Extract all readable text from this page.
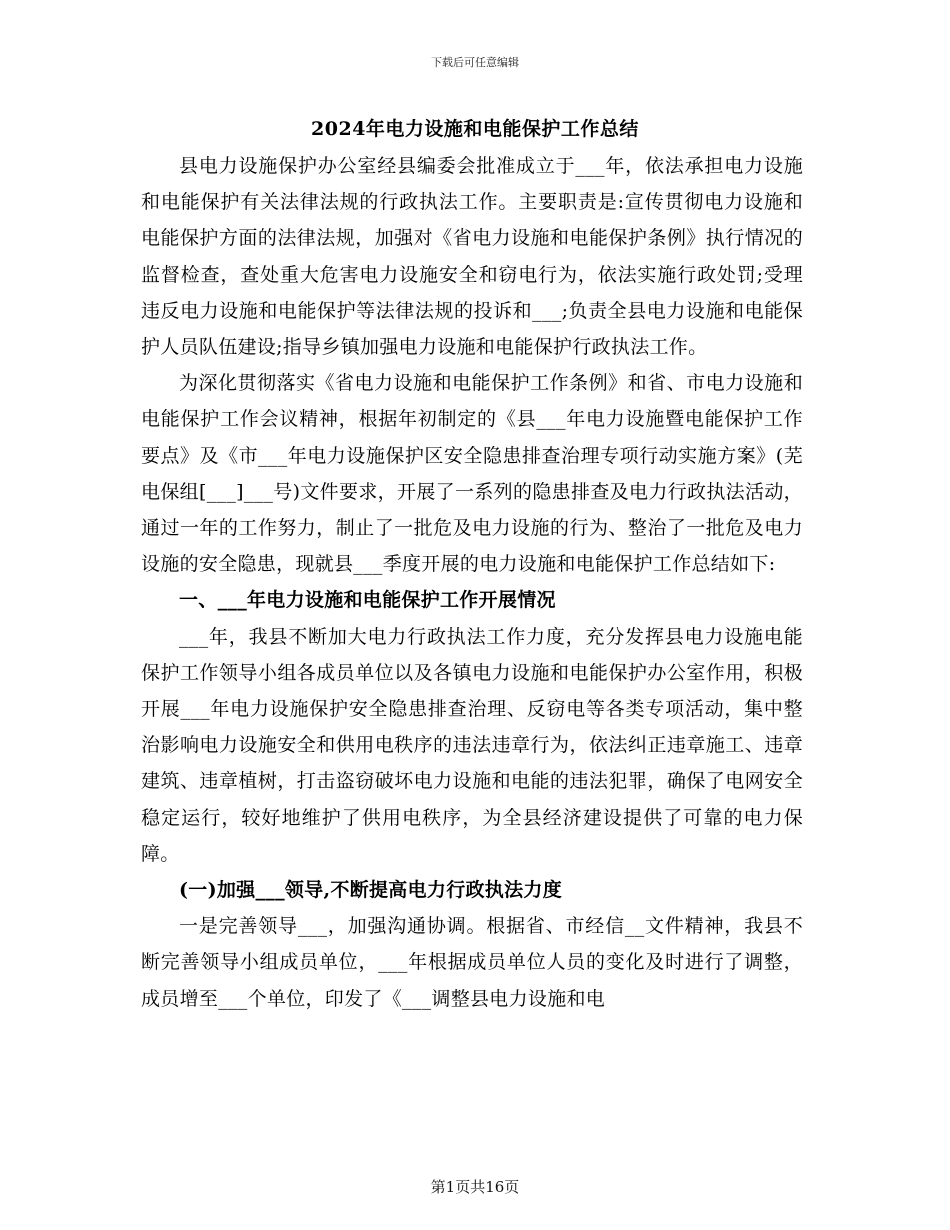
下载后可任意编辑
2024年电力设施和电能保护工作总结

县电力设施保护办公室经县编委会批准成立于___年，依法承担电力设施和电能保护有关法律法规的行政执法工作。主要职责是:宣传贯彻电力设施和电能保护方面的法律法规，加强对《省电力设施和电能保护条例》执行情况的监督检查，查处重大危害电力设施安全和窃电行为，依法实施行政处罚;受理违反电力设施和电能保护等法律法规的投诉和___;负责全县电力设施和电能保护人员队伍建设;指导乡镇加强电力设施和电能保护行政执法工作。

为深化贯彻落实《省电力设施和电能保护工作条例》和省、市电力设施和电能保护工作会议精神，根据年初制定的《县___年电力设施暨电能保护工作要点》及《市___年电力设施保护区安全隐患排查治理专项行动实施方案》(芜电保组[___]___号)文件要求，开展了一系列的隐患排查及电力行政执法活动，通过一年的工作努力，制止了一批危及电力设施的行为、整治了一批危及电力设施的安全隐患，现就县___季度开展的电力设施和电能保护工作总结如下:

一、___年电力设施和电能保护工作开展情况

___年，我县不断加大电力行政执法工作力度，充分发挥县电力设施电能保护工作领导小组各成员单位以及各镇电力设施和电能保护办公室作用，积极开展___年电力设施保护安全隐患排查治理、反窃电等各类专项活动，集中整治影响电力设施安全和供用电秩序的违法违章行为，依法纠正违章施工、违章建筑、违章植树，打击盗窃破坏电力设施和电能的违法犯罪，确保了电网安全稳定运行，较好地维护了供用电秩序，为全县经济建设提供了可靠的电力保障。

(一)加强___领导,不断提高电力行政执法力度

一是完善领导___，加强沟通协调。根据省、市经信__文件精神，我县不断完善领导小组成员单位，___年根据成员单位人员的变化及时进行了调整，成员增至___个单位，印发了《___调整县电力设施和电

第1页共16页
